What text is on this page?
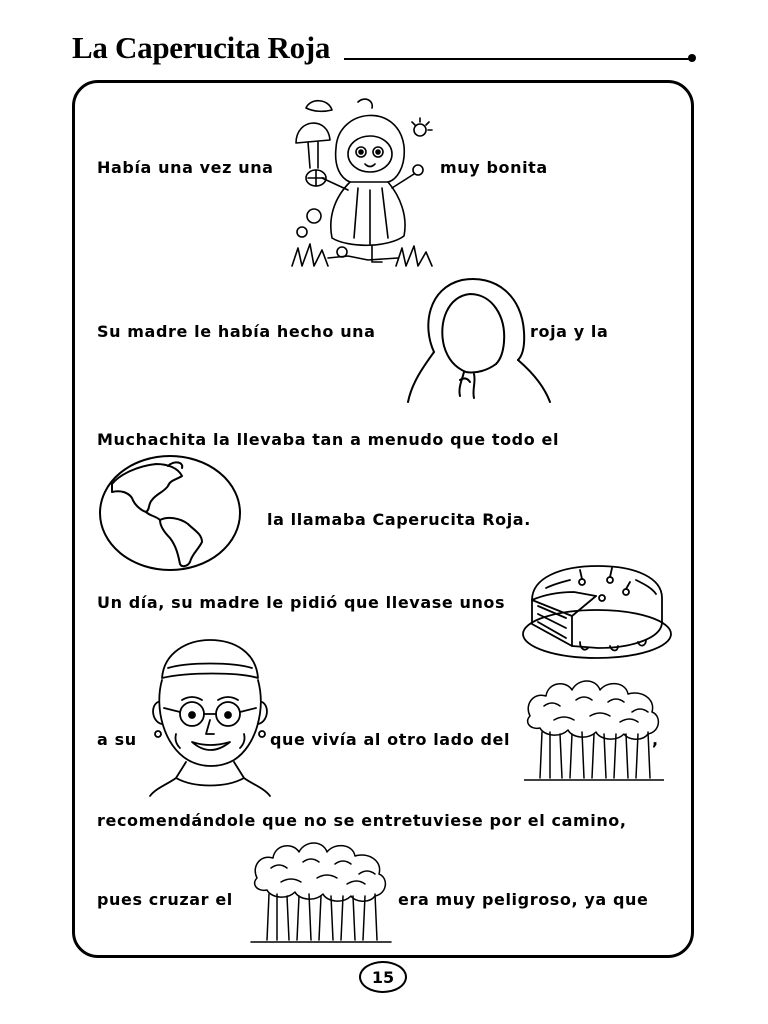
La Caperucita Roja
Había una vez una	muy bonita
Su madre le había hecho una	roja y la
Muchachita la llevaba tan a menudo que todo el
la llamaba Caperucita Roja.
Un día, su madre le pidió que llevase unos
a su	que vivía al otro lado del	,
recomendándole que no se entretuviese por el camino,
pues cruzar el	era muy peligroso, ya que
15
